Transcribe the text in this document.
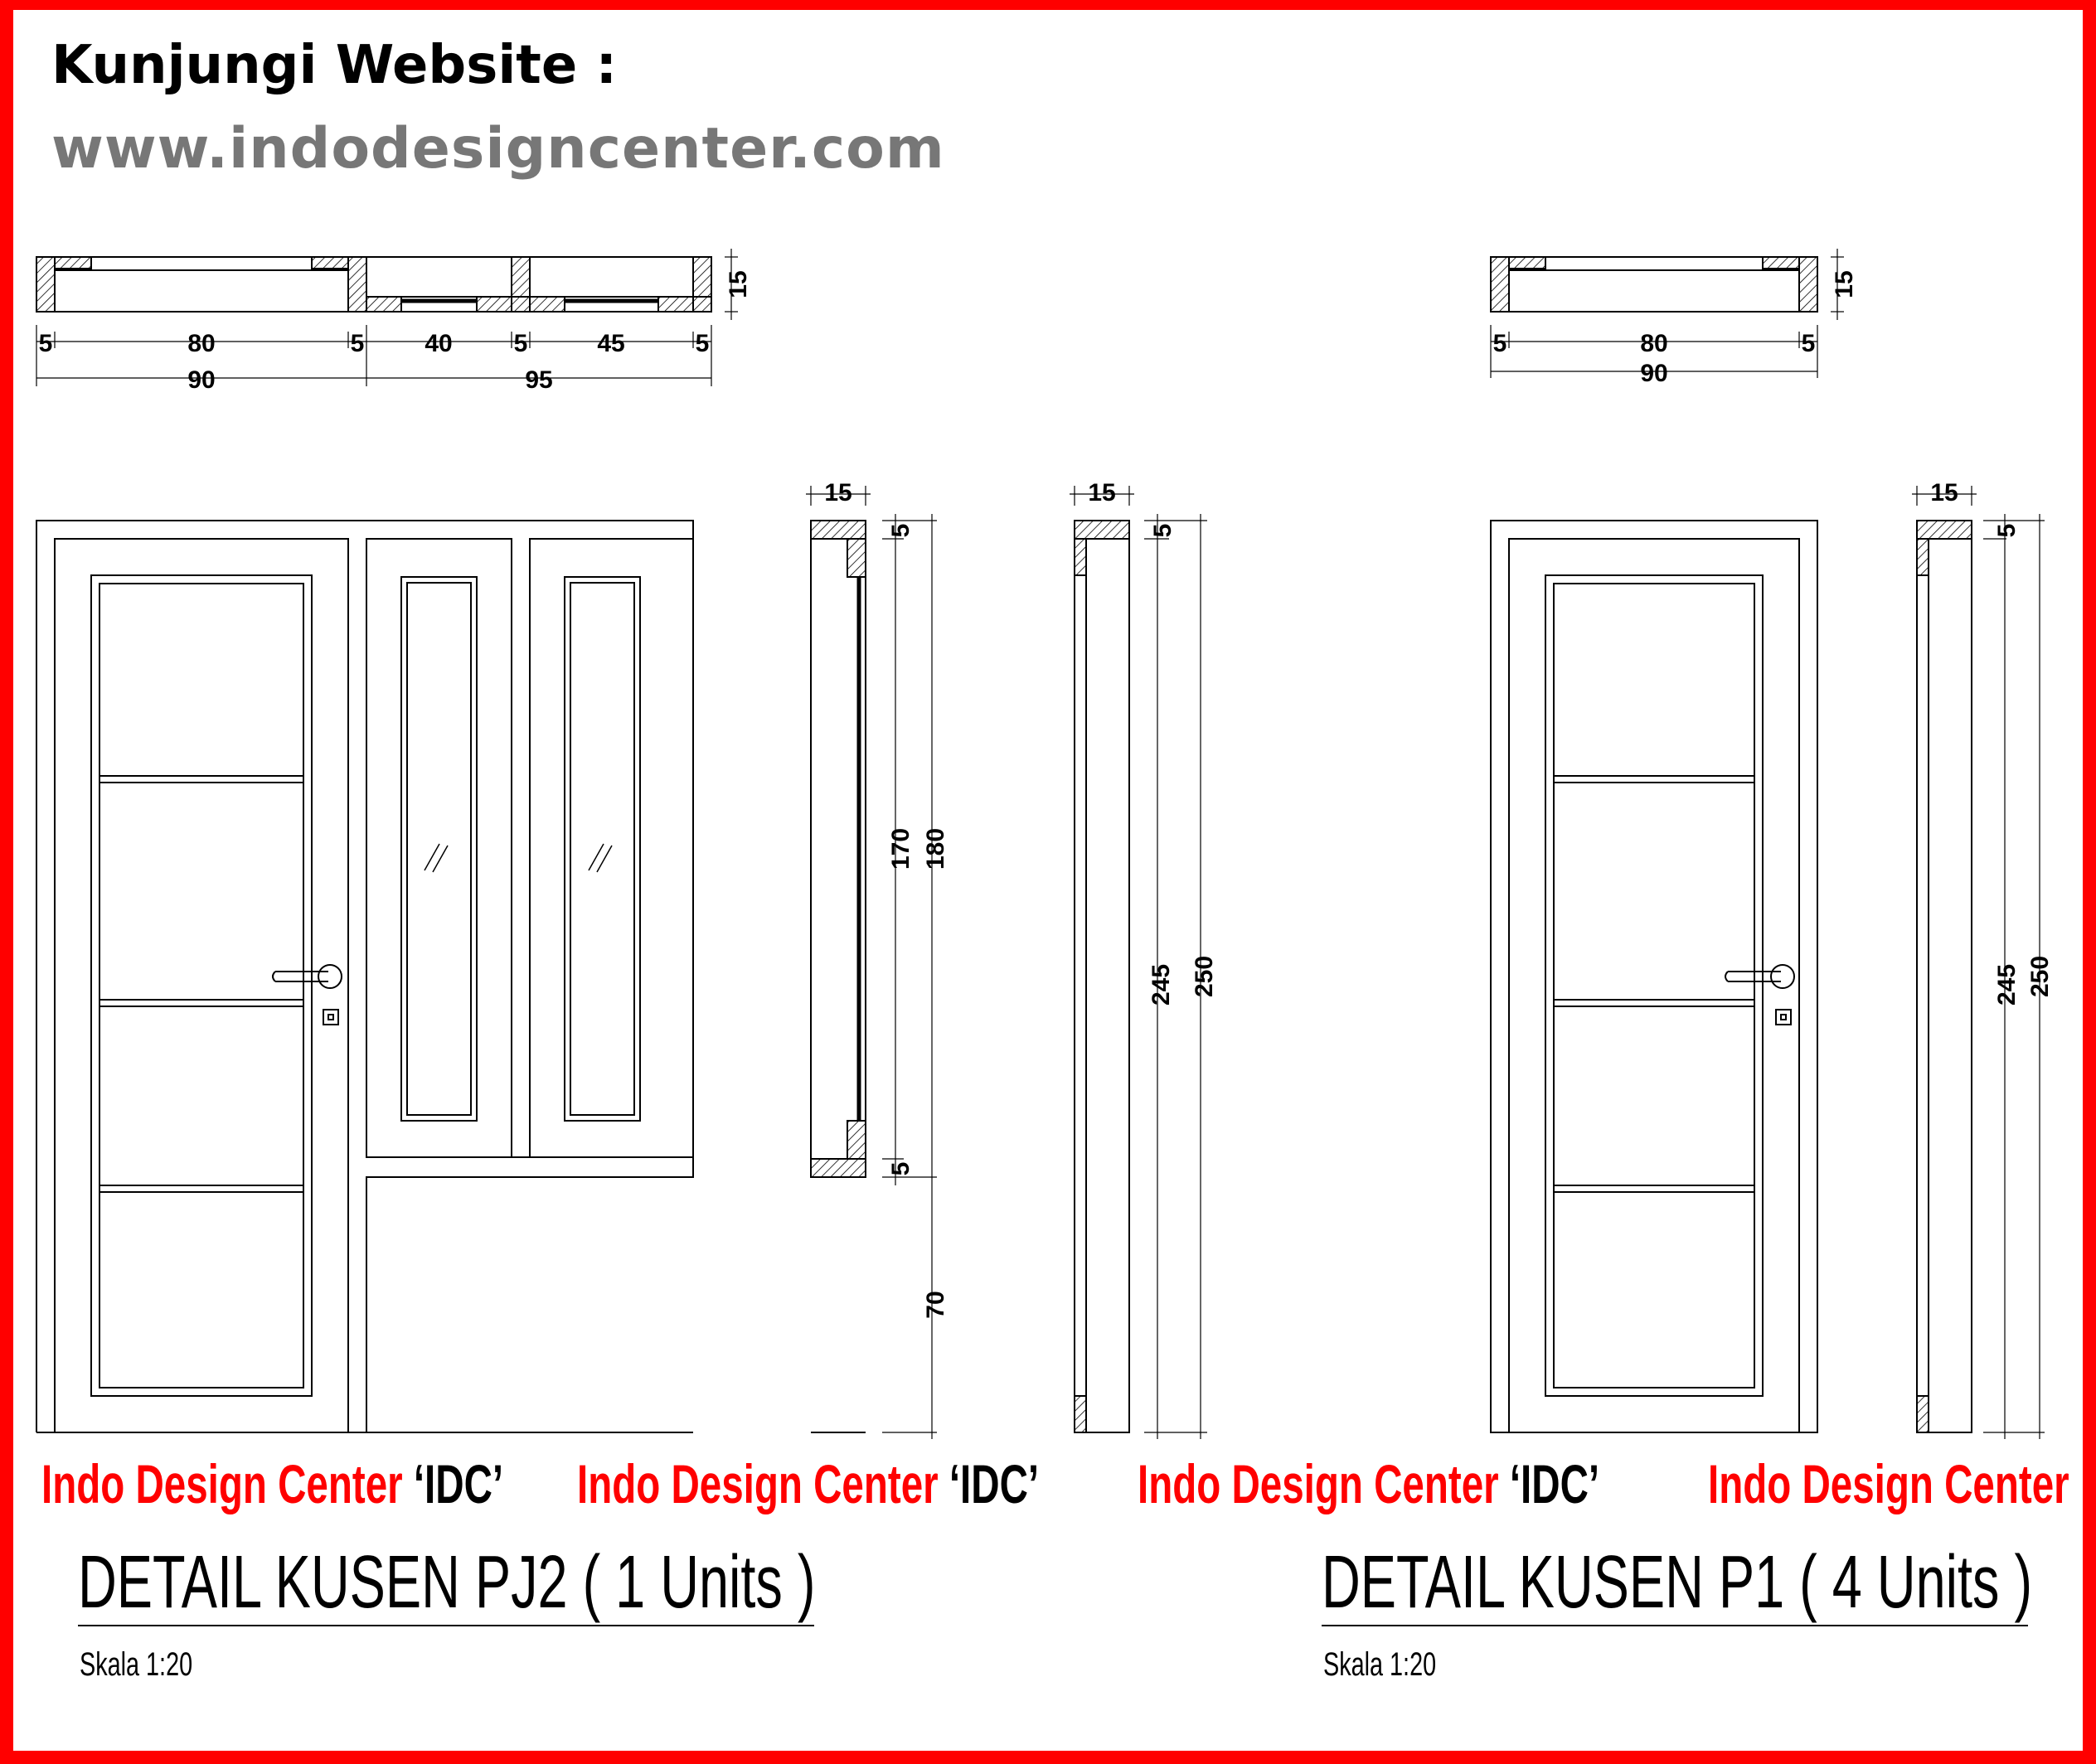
Kunjungi Website :
www.indodesigncenter.com
5	80	5 40 5	45	5
90	95
15
5	80	5
90
15
15
5
170 180
5
70
15
5
245 250
15
5
245 250
Indo Design Center ‘IDC’ Indo Design Center ‘IDC’ Indo Design Center ‘IDC’ Indo Design Center
DETAIL KUSEN PJ2 ( 1 Units )
Skala 1:20
DETAIL KUSEN P1 ( 4 Units )
Skala 1:20
